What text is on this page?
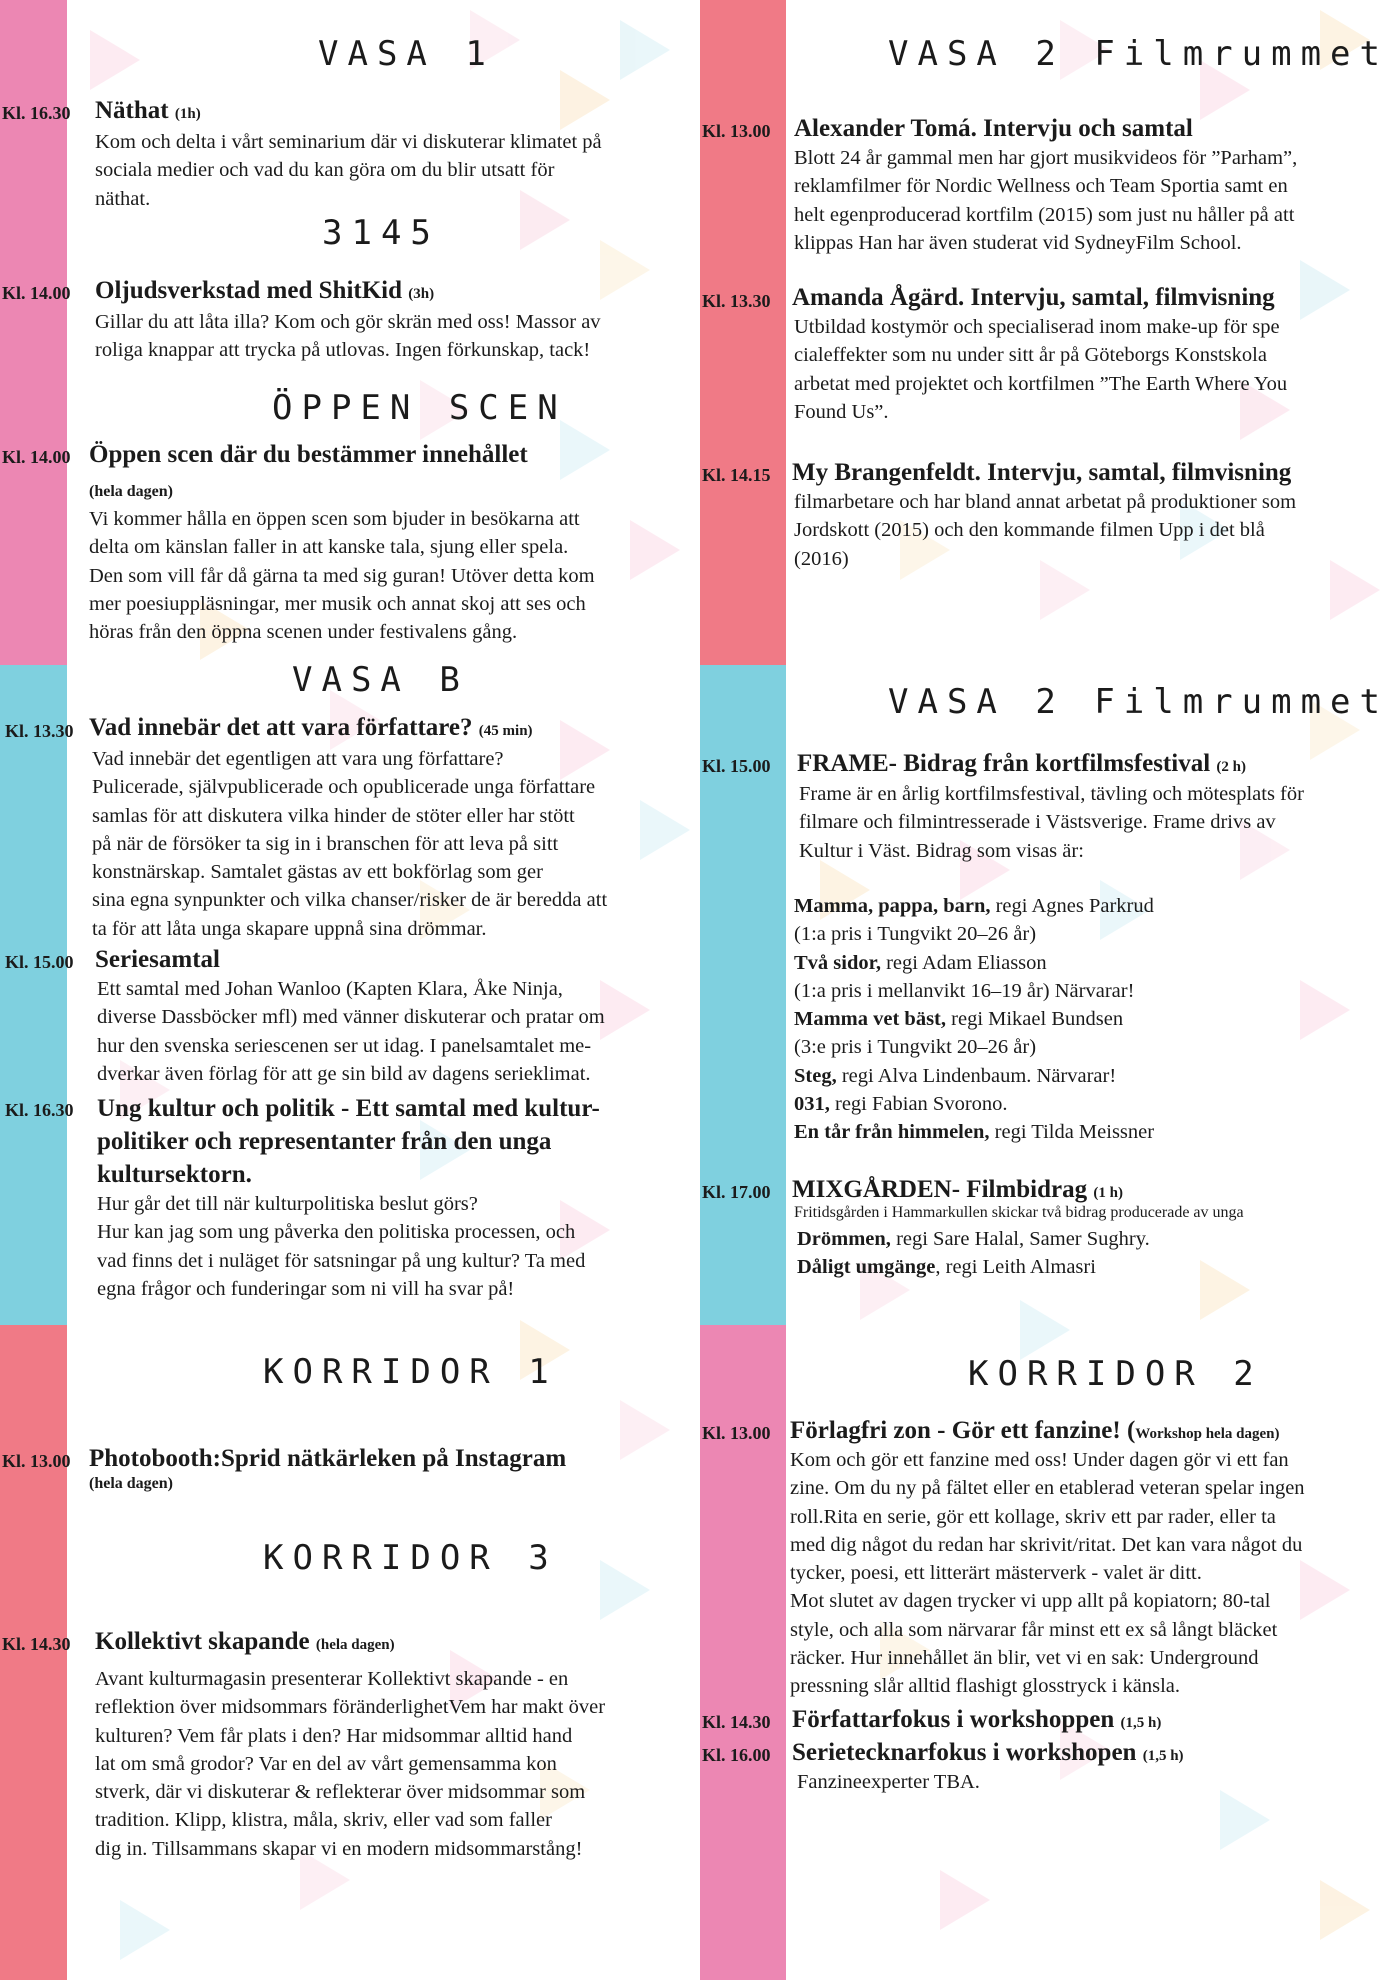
VASA 1
Kl. 16.30 Näthat (1h)

Kom och delta i vårt seminarium där vi diskuterar klimatet på

sociala medier och vad du kan göra om du blir utsatt för

näthat.

3145
Kl. 14.00 Oljudsverkstad med ShitKid (3h)

Gillar du att låta illa? Kom och gör skrän med oss! Massor av

roliga knappar att trycka på utlovas. Ingen förkunskap, tack!

ÖPPEN SCEN
Kl. 14.00 Öppen scen där du bestämmer innehållet
(hela dagen)

Vi kommer hålla en öppen scen som bjuder in besökarna att

delta om känslan faller in att kanske tala, sjung eller spela.

Den som vill får då gärna ta med sig guran! Utöver detta kom

mer poesiuppläsningar, mer musik och annat skoj att ses och

höras från den öppna scenen under festivalens gång.

VASA B
Kl. 13.30 Vad innebär det att vara författare? (45 min)

Vad innebär det egentligen att vara ung författare?

Pulicerade, självpublicerade och opublicerade unga författare

samlas för att diskutera vilka hinder de stöter eller har stött

på när de försöker ta sig in i branschen för att leva på sitt

konstnärskap. Samtalet gästas av ett bokförlag som ger

sina egna synpunkter och vilka chanser/risker de är beredda att

ta för att låta unga skapare uppnå sina drömmar.

Kl. 15.00 Seriesamtal

Ett samtal med Johan Wanloo (Kapten Klara, Åke Ninja,

diverse Dassböcker mfl) med vänner diskuterar och pratar om

hur den svenska seriescenen ser ut idag. I panelsamtalet me-

dverkar även förlag för att ge sin bild av dagens serieklimat.

Kl. 16.30 Ung kultur och politik - Ett samtal med kultur-
politiker och representanter från den unga
kultursektorn.

Hur går det till när kulturpolitiska beslut görs?

Hur kan jag som ung påverka den politiska processen, och

vad finns det i nuläget för satsningar på ung kultur? Ta med

egna frågor och funderingar som ni vill ha svar på!

KORRIDOR 1
Kl. 13.00 Photobooth:Sprid nätkärleken på Instagram
(hela dagen)
KORRIDOR 3
Kl. 14.30 Kollektivt skapande (hela dagen)

Avant kulturmagasin presenterar Kollektivt skapande - en

reflektion över midsommars föränderlighetVem har makt över

kulturen? Vem får plats i den? Har midsommar alltid hand

lat om små grodor? Var en del av vårt gemensamma kon

stverk, där vi diskuterar & reflekterar över midsommar som

tradition. Klipp, klistra, måla, skriv, eller vad som faller

dig in. Tillsammans skapar vi en modern midsommarstång!

VASA 2 Filmrummet
Kl. 13.00 Alexander Tomá. Intervju och samtal

Blott 24 år gammal men har gjort musikvideos för ”Parham”,

reklamfilmer för Nordic Wellness och Team Sportia samt en

helt egenproducerad kortfilm (2015) som just nu håller på att

klippas Han har även studerat vid SydneyFilm School.

Kl. 13.30 Amanda Ågärd. Intervju, samtal, filmvisning

Utbildad kostymör och specialiserad inom make-up för spe

cialeffekter som nu under sitt år på Göteborgs Konstskola

arbetat med projektet och kortfilmen ”The Earth Where You

Found Us”.

Kl. 14.15 My Brangenfeldt. Intervju, samtal, filmvisning

filmarbetare och har bland annat arbetat på produktioner som

Jordskott (2015) och den kommande filmen Upp i det blå

(2016)

VASA 2 Filmrummet
Kl. 15.00 FRAME- Bidrag från kortfilmsfestival (2 h)

Frame är en årlig kortfilmsfestival, tävling och mötesplats för

filmare och filmintresserade i Västsverige. Frame drivs av

Kultur i Väst. Bidrag som visas är:

Mamma, pappa, barn, regi Agnes Parkrud

(1:a pris i Tungvikt 20–26 år)

Två sidor, regi Adam Eliasson

(1:a pris i mellanvikt 16–19 år) Närvarar!

Mamma vet bäst, regi Mikael Bundsen

(3:e pris i Tungvikt 20–26 år)

Steg, regi Alva Lindenbaum. Närvarar!

031, regi Fabian Svorono.

En tår från himmelen, regi Tilda Meissner

Kl. 17.00 MIXGÅRDEN- Filmbidrag (1 h)
Fritidsgården i Hammarkullen skickar två bidrag producerade av unga

Drömmen, regi Sare Halal, Samer Sughry.

Dåligt umgänge, regi Leith Almasri

KORRIDOR 2
Kl. 13.00 Förlagfri zon - Gör ett fanzine! (Workshop hela dagen)

Kom och gör ett fanzine med oss! Under dagen gör vi ett fan

zine. Om du ny på fältet eller en etablerad veteran spelar ingen

roll.Rita en serie, gör ett kollage, skriv ett par rader, eller ta

med dig något du redan har skrivit/ritat. Det kan vara något du

tycker, poesi, ett litterärt mästerverk - valet är ditt.

Mot slutet av dagen trycker vi upp allt på kopiatorn; 80-tal

style, och alla som närvarar får minst ett ex så långt bläcket

räcker. Hur innehållet än blir, vet vi en sak: Underground

pressning slår alltid flashigt glosstryck i känsla.

Kl. 14.30 Författarfokus i workshoppen (1,5 h)
Kl. 16.00 Serietecknarfokus i workshopen (1,5 h)

Fanzineexperter TBA.
